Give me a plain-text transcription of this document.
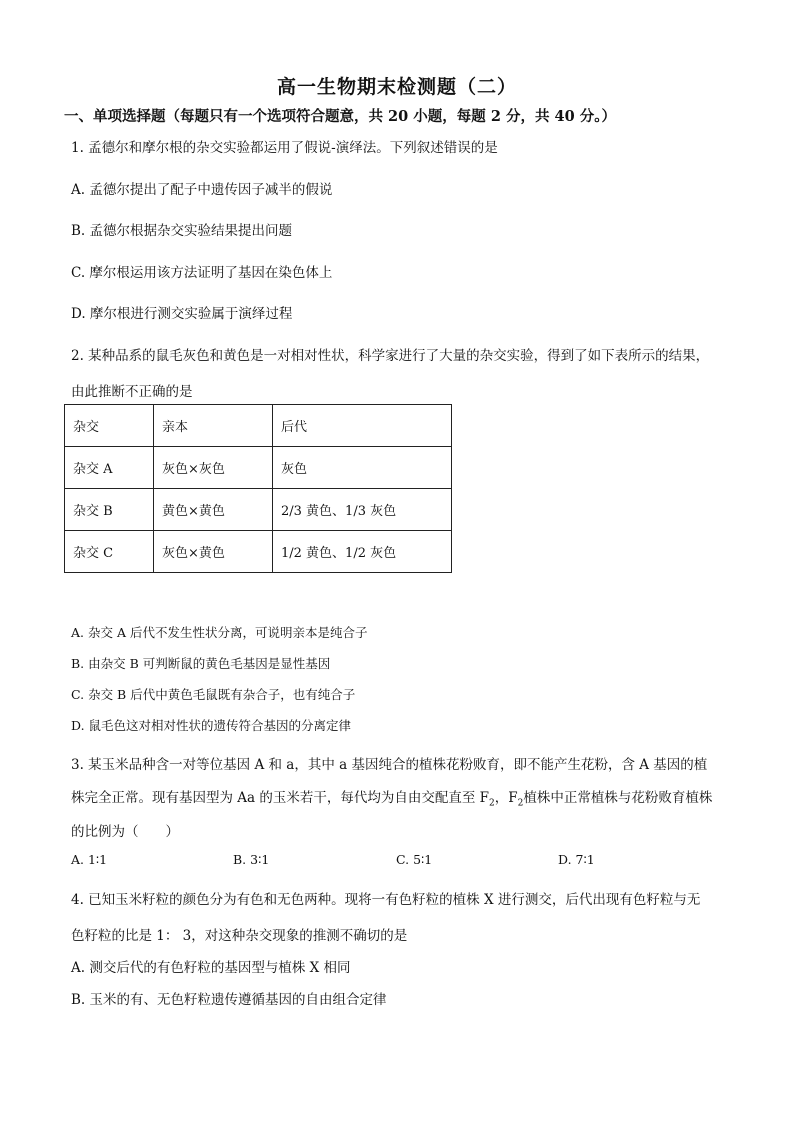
高一生物期末检测题（二）
一、单项选择题（每题只有一个选项符合题意，共 20 小题，每题 2 分，共 40 分。）
1. 孟德尔和摩尔根的杂交实验都运用了假说-演绎法。下列叙述错误的是
A. 孟德尔提出了配子中遗传因子减半的假说
B. 孟德尔根据杂交实验结果提出问题
C. 摩尔根运用该方法证明了基因在染色体上
D. 摩尔根进行测交实验属于演绎过程
2. 某种品系的鼠毛灰色和黄色是一对相对性状，科学家进行了大量的杂交实验，得到了如下表所示的结果，
由此推断不正确的是
杂交	亲本	后代
杂交 A	灰色×灰色	灰色
杂交 B	黄色×黄色	2/3 黄色、1/3 灰色
杂交 C	灰色×黄色	1/2 黄色、1/2 灰色
A. 杂交 A 后代不发生性状分离，可说明亲本是纯合子
B. 由杂交 B 可判断鼠的黄色毛基因是显性基因
C. 杂交 B 后代中黄色毛鼠既有杂合子，也有纯合子
D. 鼠毛色这对相对性状的遗传符合基因的分离定律
3. 某玉米品种含一对等位基因 A 和 a，其中 a 基因纯合的植株花粉败育，即不能产生花粉，含 A 基因的植
株完全正常。现有基因型为 Aa 的玉米若干，每代均为自由交配直至 $F_2$，$F_2$植株中正常植株与花粉败育植株
的比例为（　　）
A. 1∶1	B. 3∶1	C. 5∶1	D. 7∶1
4. 已知玉米籽粒的颜色分为有色和无色两种。现将一有色籽粒的植株 X 进行测交，后代出现有色籽粒与无
色籽粒的比是 1： 3，对这种杂交现象的推测不确切的是
A. 测交后代的有色籽粒的基因型与植株 X 相同
B. 玉米的有、无色籽粒遗传遵循基因的自由组合定律
